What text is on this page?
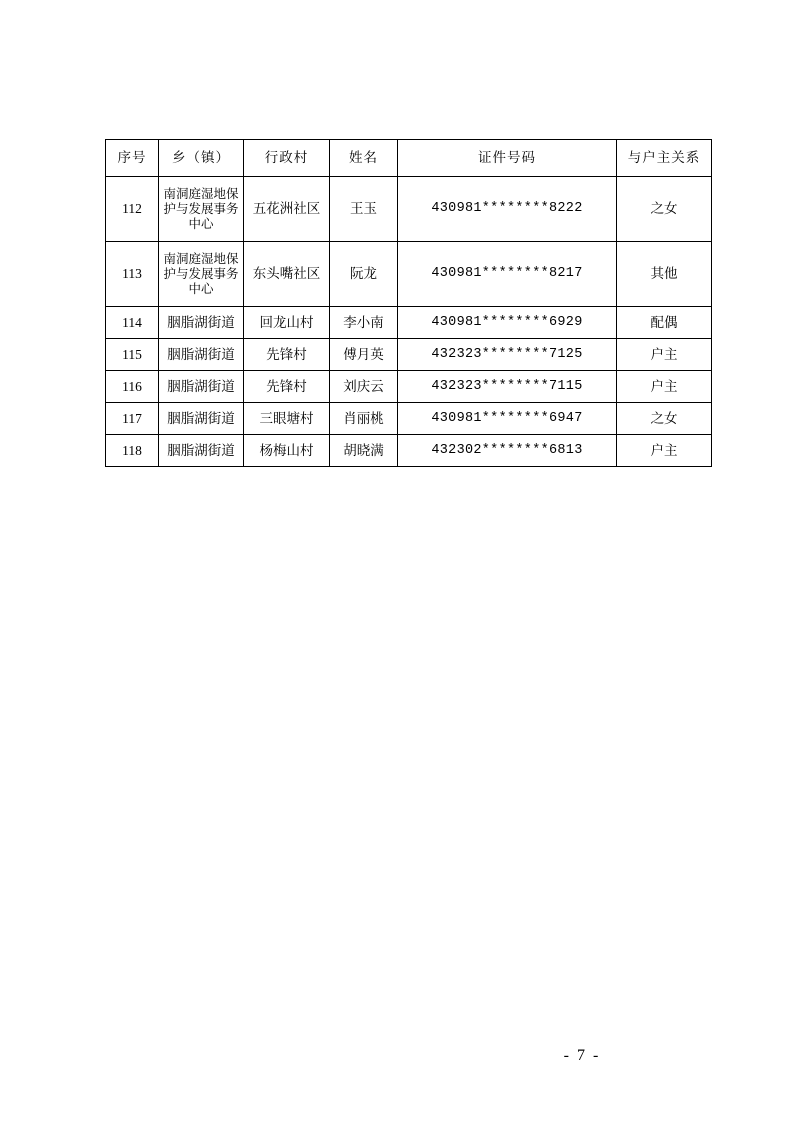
序号	乡（镇）	行政村	姓名	证件号码	与户主关系
112	南洞庭湿地保护与发展事务中心	五花洲社区	王玉	430981********8222	之女
113	南洞庭湿地保护与发展事务中心	东头嘴社区	阮龙	430981********8217	其他
114	胭脂湖街道	回龙山村	李小南	430981********6929	配偶
115	胭脂湖街道	先锋村	傅月英	432323********7125	户主
116	胭脂湖街道	先锋村	刘庆云	432323********7115	户主
117	胭脂湖街道	三眼塘村	肖丽桃	430981********6947	之女
118	胭脂湖街道	杨梅山村	胡晓满	432302********6813	户主
- 7 -
